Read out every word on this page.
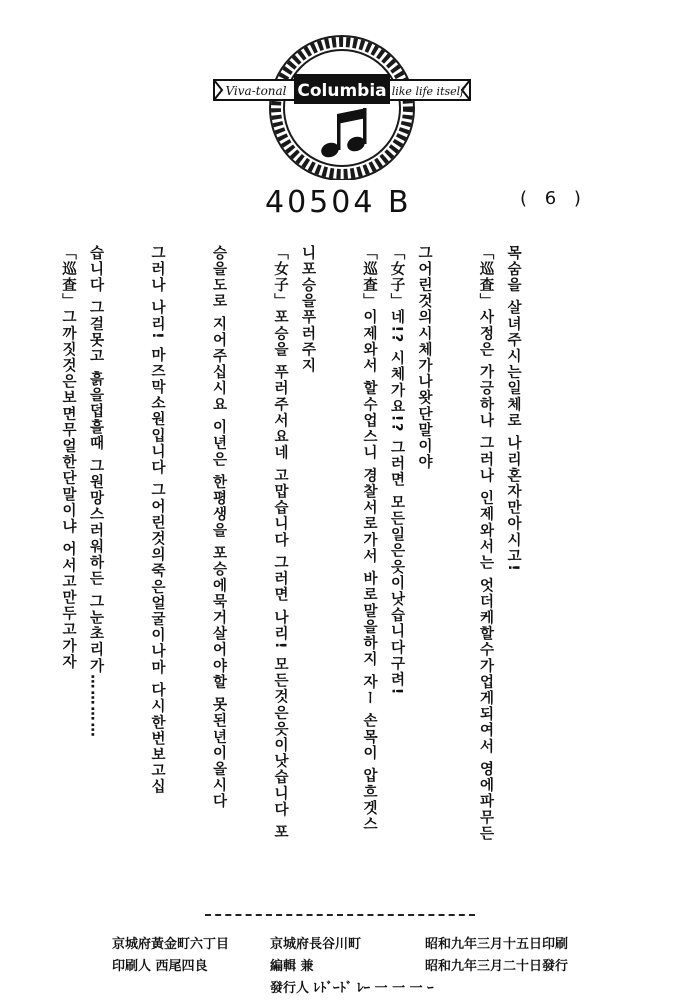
Columbia
Viva-tonal	like life itself
40504 B	( 6 )
목숨을 살녀주시는일체로 나리혼자만아시고!
「巡査」사정은 가긍하나 그러나 인제와서는 엇더케할수가업게되여서 영에파무든
그어린것의시체가나왓단말이야
「女子」네!? 시체가요!? 그러면 모든일은읏이낫습니다구려!
「巡査」이제와서 할수업스니 경찰서로가서 바로말을하지 자ー 손목이 압흐겟스
니포승을푸러주지
「女子」포승을 푸러주서요네 고맙습니다 그러면 나리! 모든것은읏이낫습니다 포
승을도로 지어주십시요 이년은 한평생을 포승에묵거살어야할 못된년이올시다
그러나 나리! 마즈막소원입니다 그어린것의죽은얼굴이나마 다시한번보고십
습니다 그걸못고 흙을덥흘때 그원망스러워하든 그눈초리가…………
「巡査」그까짓것은보면무얼한단말이냐 어서고만두고가자
京城府黃金町六丁目
印刷人 西尾四良
京城府長谷川町
編輯 兼
發行人 ﾚﾄﾞｰﾄﾞ ﾚｰ 一 一 一 ｰ
昭和九年三月十五日印刷
昭和九年三月二十日發行
